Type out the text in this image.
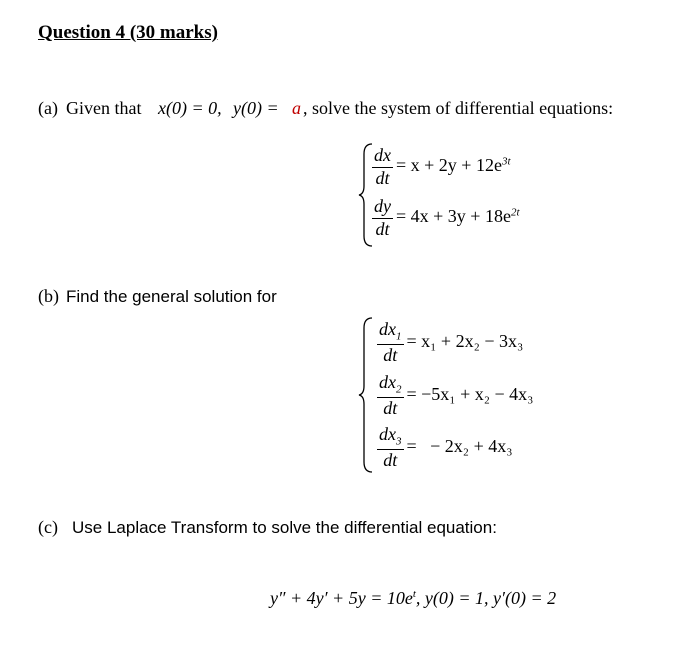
Question 4 (30 marks)
(a) Given that x(0) = 0, y(0) = a , solve the system of differential equations:
$\frac{dx}{dt} = x + 2y + 12e^{3t}$
$\frac{dy}{dt} = 4x + 3y + 18e^{2t}$
(b) Find the general solution for
$\frac{dx_1}{dt} = x_1 + 2x_2 - 3x_3$
$\frac{dx_2}{dt} = -5x_1 + x_2 - 4x_3$
$\frac{dx_3}{dt}$ =   − 2x₂ + 4x₃
(c) Use Laplace Transform to solve the differential equation:
$y'' + 4y' + 5y = 10e^t$, y(0) = 1, y′(0) = 2
